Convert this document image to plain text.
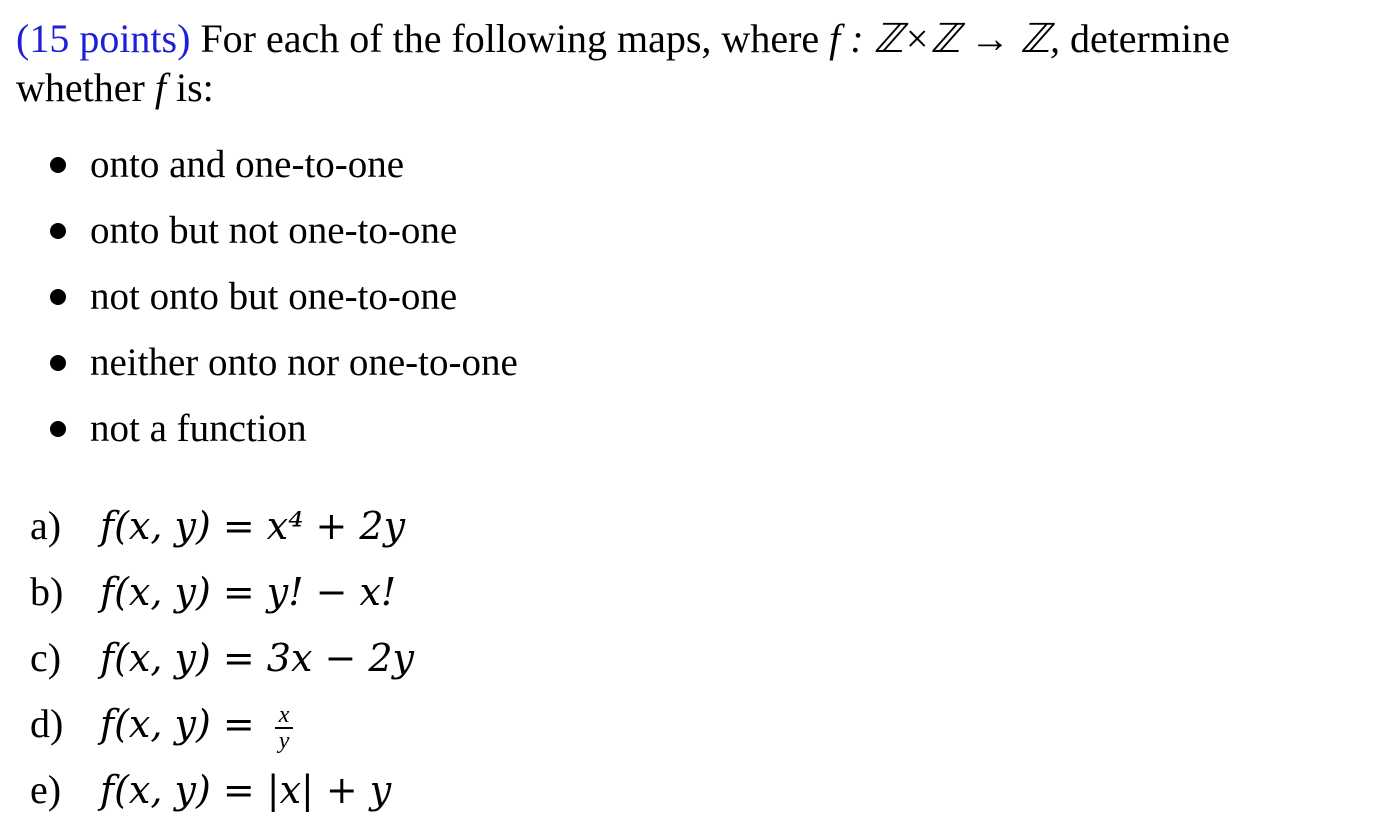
(15 points) For each of the following maps, where f : ℤ×ℤ → ℤ, determine
whether f is:

onto and one-to-one
onto but not one-to-one
not onto but one-to-one
neither onto nor one-to-one
not a function
a) f(x, y) = x⁴ + 2y
b) f(x, y) = y! − x!
c) f(x, y) = 3x − 2y
d) f(x, $y) = \frac{x}{y}$
e) f(x, y) = |x| + y
